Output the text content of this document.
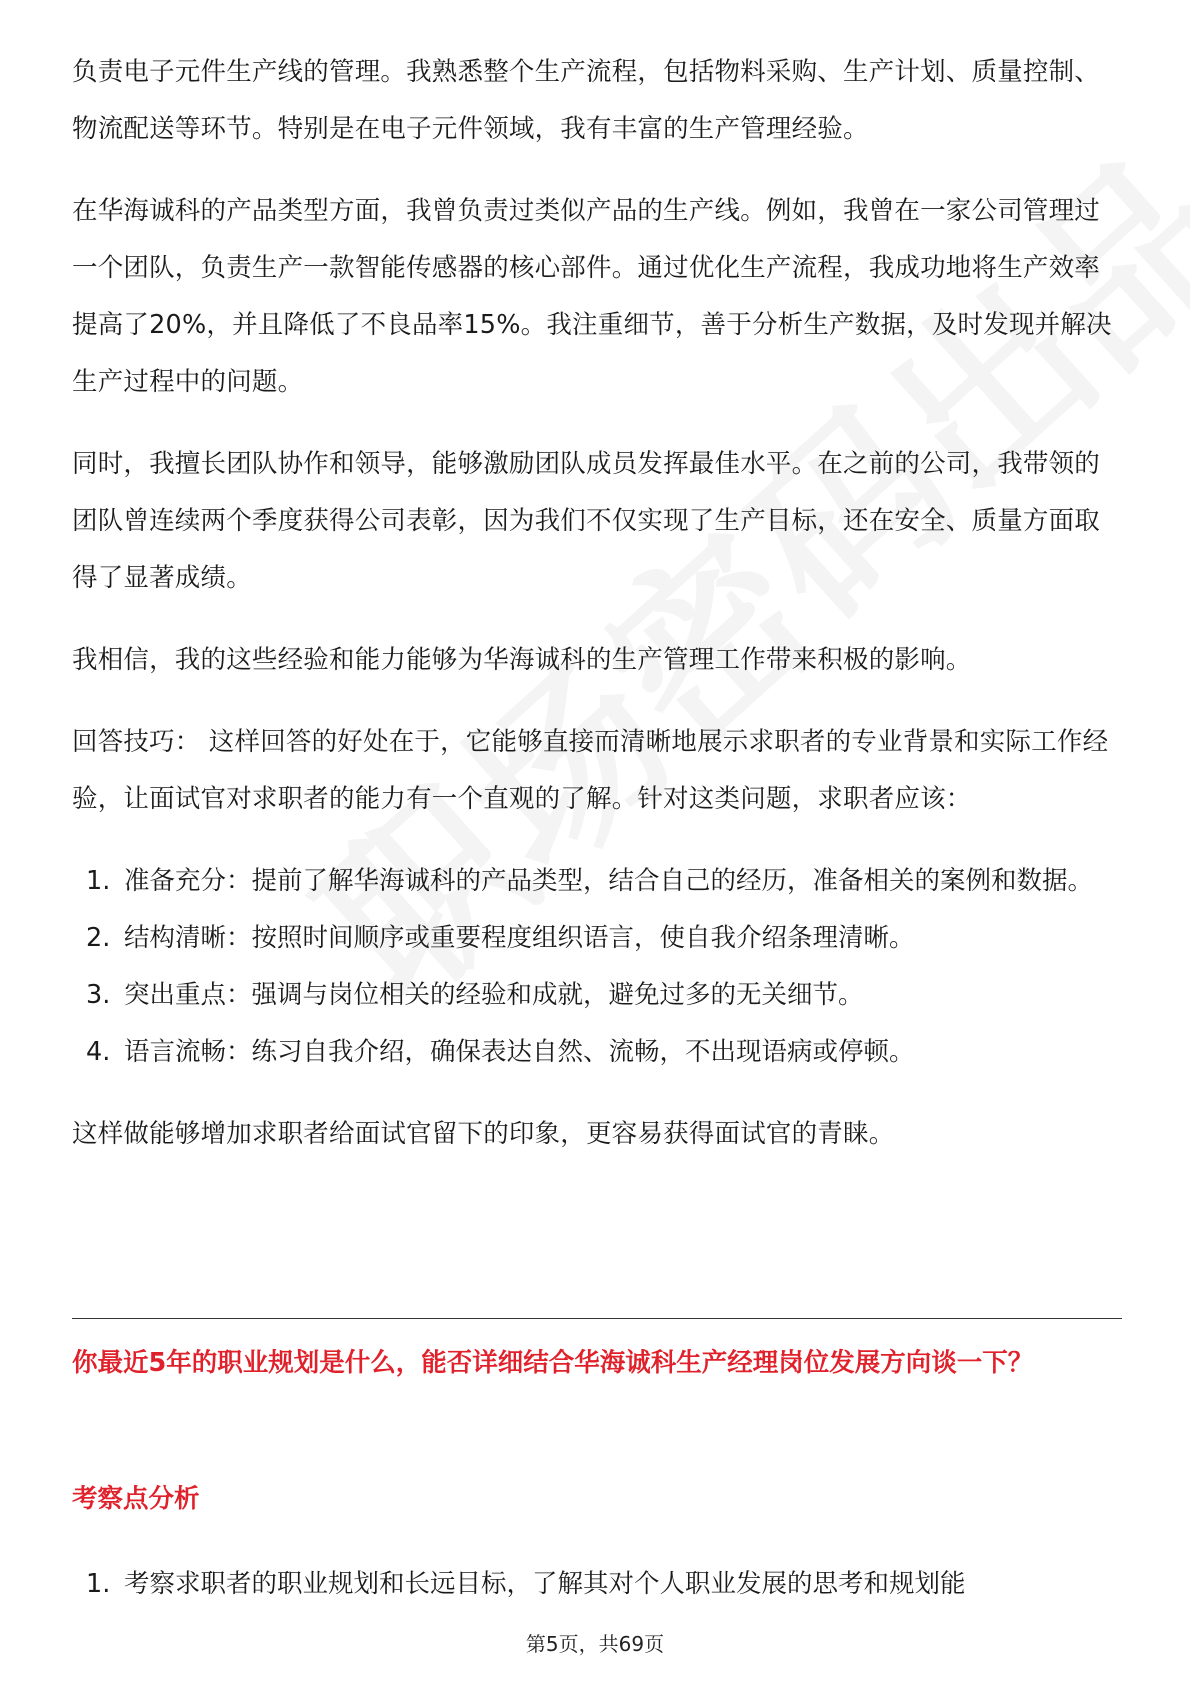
负责电子元件生产线的管理。我熟悉整个生产流程，包括物料采购、生产计划、质量控制、物流配送等环节。特别是在电子元件领域，我有丰富的生产管理经验。

在华海诚科的产品类型方面，我曾负责过类似产品的生产线。例如，我曾在一家公司管理过一个团队，负责生产一款智能传感器的核心部件。通过优化生产流程，我成功地将生产效率提高了20%，并且降低了不良品率15%。我注重细节，善于分析生产数据，及时发现并解决生产过程中的问题。

同时，我擅长团队协作和领导，能够激励团队成员发挥最佳水平。在之前的公司，我带领的团队曾连续两个季度获得公司表彰，因为我们不仅实现了生产目标，还在安全、质量方面取得了显著成绩。

我相信，我的这些经验和能力能够为华海诚科的生产管理工作带来积极的影响。

回答技巧： 这样回答的好处在于，它能够直接而清晰地展示求职者的专业背景和实际工作经验，让面试官对求职者的能力有一个直观的了解。针对这类问题，求职者应该：

1. 准备充分：提前了解华海诚科的产品类型，结合自己的经历，准备相关的案例和数据。
2. 结构清晰：按照时间顺序或重要程度组织语言，使自我介绍条理清晰。
3. 突出重点：强调与岗位相关的经验和成就，避免过多的无关细节。
4. 语言流畅：练习自我介绍，确保表达自然、流畅，不出现语病或停顿。

这样做能够增加求职者给面试官留下的印象，更容易获得面试官的青睐。

你最近5年的职业规划是什么，能否详细结合华海诚科生产经理岗位发展方向谈一下？

考察点分析

1. 考察求职者的职业规划和长远目标，了解其对个人职业发展的思考和规划能
第5页，共69页
